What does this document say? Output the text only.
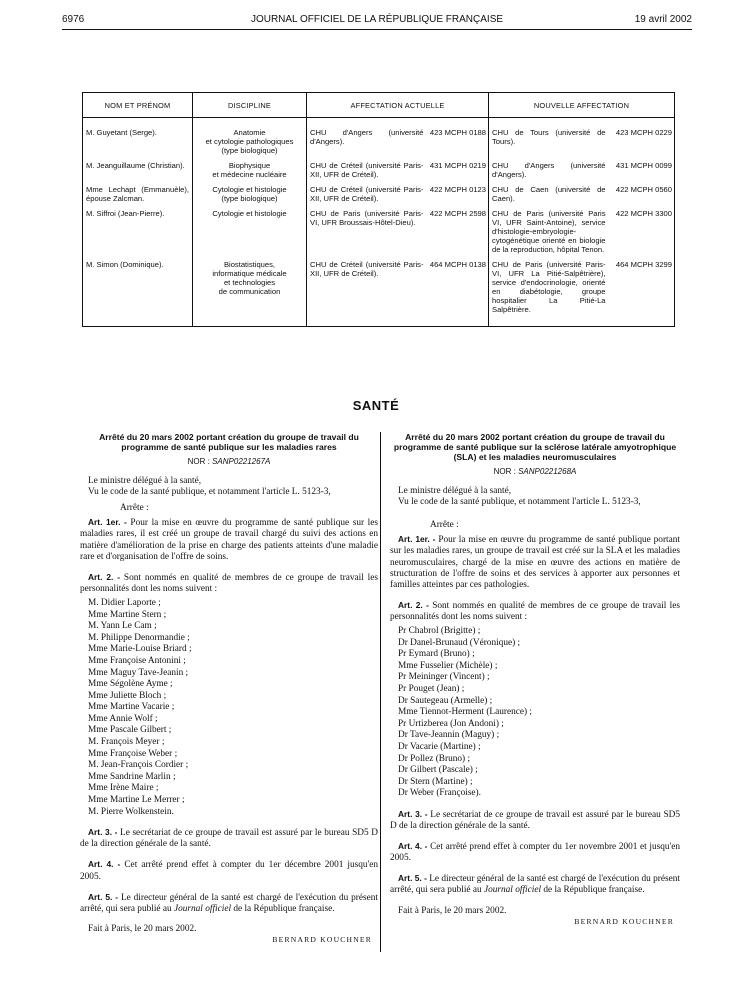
6976	JOURNAL OFFICIEL DE LA RÉPUBLIQUE FRANÇAISE	19 avril 2002
NOM ET PRÉNOM	DISCIPLINE	AFFECTATION ACTUELLE		NOUVELLE AFFECTATION	
M. Guyetant (Serge).	Anatomie
et cytologie pathologiques
(type biologique)	CHU d'Angers (université d'Angers).	423 MCPH 0188	CHU de Tours (université de Tours).	423 MCPH 0229
M. Jeanguillaume (Christian).	Biophysique
et médecine nucléaire	CHU de Créteil (université Paris-XII, UFR de Créteil).	431 MCPH 0219	CHU d'Angers (université d'Angers).	431 MCPH 0099
Mme Lechapt (Emmanuèle), épouse Zalcman.	Cytologie et histologie
(type biologique)	CHU de Créteil (université Paris-XII, UFR de Créteil).	422 MCPH 0123	CHU de Caen (université de Caen).	422 MCPH 0560
M. Siffroi (Jean-Pierre).	Cytologie et histologie	CHU de Paris (université Paris-VI, UFR Broussais-Hôtel-Dieu).	422 MCPH 2598	CHU de Paris (université Paris VI, UFR Saint-Antoine), service d'histologie-embryologie-cytogénétique orienté en biologie de la reproduction, hôpital Tenon.	422 MCPH 3300
M. Simon (Dominique).	Biostatistiques,
informatique médicale
et technologies
de communication	CHU de Créteil (université Paris-XII, UFR de Créteil).	464 MCPH 0138	CHU de Paris (université Paris-VI, UFR La Pitié-Salpêtrière), service d'endocrinologie, orienté en diabétologie, groupe hospitalier La Pitié-La Salpêtrière.	464 MCPH 3299
SANTÉ
Arrêté du 20 mars 2002 portant création du groupe de travail du programme de santé publique sur les maladies rares
NOR : SANP0221267A
Le ministre délégué à la santé,
Vu le code de la santé publique, et notamment l'article L. 5123-3,
Arrête :
Art. 1er. - Pour la mise en œuvre du programme de santé publique sur les maladies rares, il est créé un groupe de travail chargé du suivi des actions en matière d'amélioration de la prise en charge des patients atteints d'une maladie rare et d'organisation de l'offre de soins.
Art. 2. - Sont nommés en qualité de membres de ce groupe de travail les personnalités dont les noms suivent :
M. Didier Laporte ;
Mme Martine Stern ;
M. Yann Le Cam ;
M. Philippe Denormandie ;
Mme Marie-Louise Briard ;
Mme Françoise Antonini ;
Mme Maguy Tave-Jeanin ;
Mme Ségolène Ayme ;
Mme Juliette Bloch ;
Mme Martine Vacarie ;
Mme Annie Wolf ;
Mme Pascale Gilbert ;
M. François Meyer ;
Mme Françoise Weber ;
M. Jean-François Cordier ;
Mme Sandrine Marlin ;
Mme Irène Maire ;
Mme Martine Le Merrer ;
M. Pierre Wolkenstein.
Art. 3. - Le secrétariat de ce groupe de travail est assuré par le bureau SD5 D de la direction générale de la santé.
Art. 4. - Cet arrêté prend effet à compter du 1er décembre 2001 jusqu'en 2005.
Art. 5. - Le directeur général de la santé est chargé de l'exécution du présent arrêté, qui sera publié au Journal officiel de la République française.
Fait à Paris, le 20 mars 2002.
BERNARD KOUCHNER
Arrêté du 20 mars 2002 portant création du groupe de travail du programme de santé publique sur la sclérose latérale amyotrophique (SLA) et les maladies neuromusculaires
NOR : SANP0221268A
Le ministre délégué à la santé,
Vu le code de la santé publique, et notamment l'article L. 5123-3,
Arrête :
Art. 1er. - Pour la mise en œuvre du programme de santé publique portant sur les maladies rares, un groupe de travail est créé sur la SLA et les maladies neuromusculaires, chargé de la mise en œuvre des actions en matière de structuration de l'offre de soins et des services à apporter aux personnes et familles atteintes par ces pathologies.
Art. 2. - Sont nommés en qualité de membres de ce groupe de travail les personnalités dont les noms suivent :
Pr Chabrol (Brigitte) ;
Dr Danel-Brunaud (Véronique) ;
Pr Eymard (Bruno) ;
Mme Fusselier (Michèle) ;
Pr Meininger (Vincent) ;
Pr Pouget (Jean) ;
Dr Sautegeau (Armelle) ;
Mme Tiennot-Herment (Laurence) ;
Pr Urtizberea (Jon Andoni) ;
Dr Tave-Jeannin (Maguy) ;
Dr Vacarie (Martine) ;
Dr Pollez (Bruno) ;
Dr Gilbert (Pascale) ;
Dr Stern (Martine) ;
Dr Weber (Françoise).
Art. 3. - Le secrétariat de ce groupe de travail est assuré par le bureau SD5 D de la direction générale de la santé.
Art. 4. - Cet arrêté prend effet à compter du 1er novembre 2001 et jusqu'en 2005.
Art. 5. - Le directeur général de la santé est chargé de l'exécution du présent arrêté, qui sera publié au Journal officiel de la République française.
Fait à Paris, le 20 mars 2002.
BERNARD KOUCHNER
